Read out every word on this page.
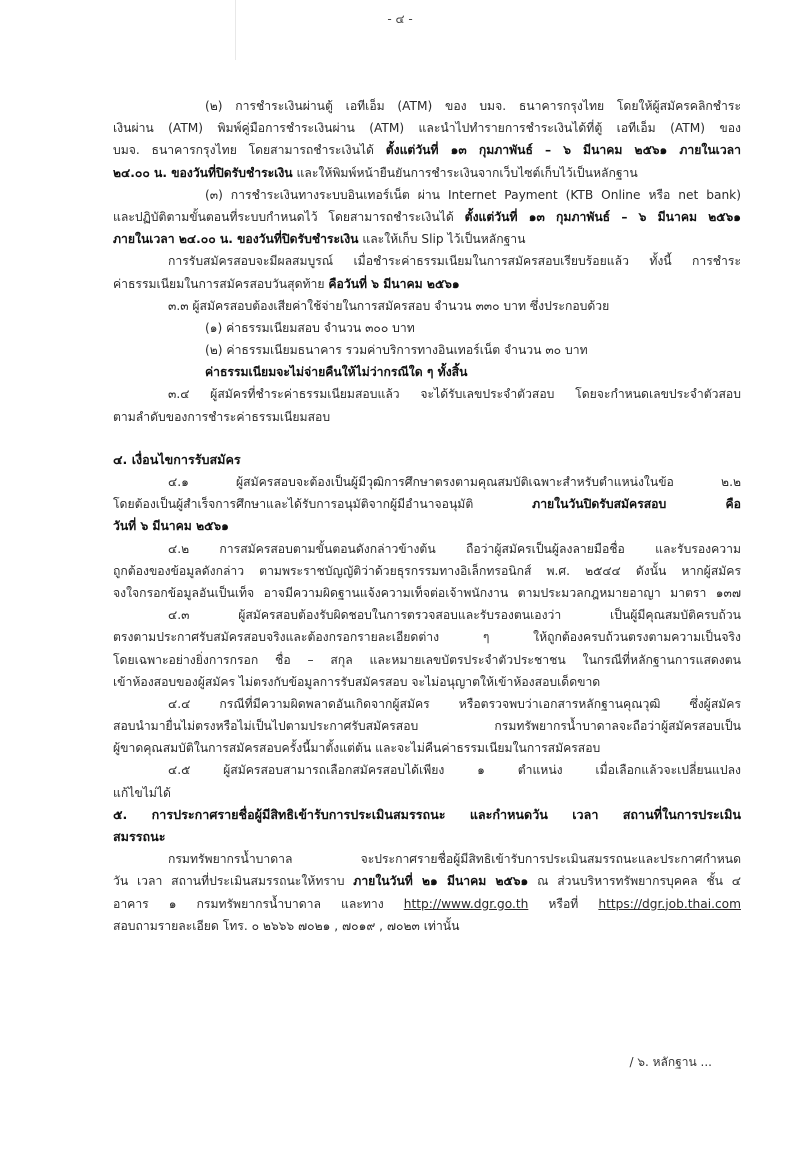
- ๔ -
(๒) การชำระเงินผ่านตู้ เอทีเอ็ม (ATM) ของ บมจ. ธนาคารกรุงไทย โดยให้ผู้สมัครคลิกชำระ
เงินผ่าน (ATM) พิมพ์คู่มือการชำระเงินผ่าน (ATM) และนำไปทำรายการชำระเงินได้ที่ตู้ เอทีเอ็ม (ATM) ของ
บมจ. ธนาคารกรุงไทย โดยสามารถชำระเงินได้ ตั้งแต่วันที่ ๑๓ กุมภาพันธ์ – ๖ มีนาคม ๒๕๖๑ ภายในเวลา
๒๔.๐๐ น. ของวันที่ปิดรับชำระเงิน และให้พิมพ์หน้ายืนยันการชำระเงินจากเว็บไซต์เก็บไว้เป็นหลักฐาน
(๓) การชำระเงินทางระบบอินเทอร์เน็ต ผ่าน Internet Payment (KTB Online หรือ net bank)
และปฏิบัติตามขั้นตอนที่ระบบกำหนดไว้ โดยสามารถชำระเงินได้ ตั้งแต่วันที่ ๑๓ กุมภาพันธ์ – ๖ มีนาคม ๒๕๖๑
ภายในเวลา ๒๔.๐๐ น. ของวันที่ปิดรับชำระเงิน และให้เก็บ Slip ไว้เป็นหลักฐาน
การรับสมัครสอบจะมีผลสมบูรณ์ เมื่อชำระค่าธรรมเนียมในการสมัครสอบเรียบร้อยแล้ว ทั้งนี้ การชำระ
ค่าธรรมเนียมในการสมัครสอบวันสุดท้าย คือวันที่ ๖ มีนาคม ๒๕๖๑
๓.๓ ผู้สมัครสอบต้องเสียค่าใช้จ่ายในการสมัครสอบ จำนวน ๓๓๐ บาท ซึ่งประกอบด้วย
(๑) ค่าธรรมเนียมสอบ จำนวน ๓๐๐ บาท
(๒) ค่าธรรมเนียมธนาคาร รวมค่าบริการทางอินเทอร์เน็ต จำนวน ๓๐ บาท
ค่าธรรมเนียมจะไม่จ่ายคืนให้ไม่ว่ากรณีใด ๆ ทั้งสิ้น
๓.๔ ผู้สมัครที่ชำระค่าธรรมเนียมสอบแล้ว จะได้รับเลขประจำตัวสอบ โดยจะกำหนดเลขประจำตัวสอบ
ตามลำดับของการชำระค่าธรรมเนียมสอบ
๔. เงื่อนไขการรับสมัคร
๔.๑ ผู้สมัครสอบจะต้องเป็นผู้มีวุฒิการศึกษาตรงตามคุณสมบัติเฉพาะสำหรับตำแหน่งในข้อ ๒.๒
โดยต้องเป็นผู้สำเร็จการศึกษาและได้รับการอนุมัติจากผู้มีอำนาจอนุมัติ ภายในวันปิดรับสมัครสอบ คือ
วันที่ ๖ มีนาคม ๒๕๖๑
๔.๒ การสมัครสอบตามขั้นตอนดังกล่าวข้างต้น ถือว่าผู้สมัครเป็นผู้ลงลายมือชื่อ และรับรองความ
ถูกต้องของข้อมูลดังกล่าว ตามพระราชบัญญัติว่าด้วยธุรกรรมทางอิเล็กทรอนิกส์ พ.ศ. ๒๕๔๔ ดังนั้น หากผู้สมัคร
จงใจกรอกข้อมูลอันเป็นเท็จ อาจมีความผิดฐานแจ้งความเท็จต่อเจ้าพนักงาน ตามประมวลกฎหมายอาญา มาตรา ๑๓๗
๔.๓ ผู้สมัครสอบต้องรับผิดชอบในการตรวจสอบและรับรองตนเองว่า เป็นผู้มีคุณสมบัติครบถ้วน
ตรงตามประกาศรับสมัครสอบจริงและต้องกรอกรายละเอียดต่าง ๆ ให้ถูกต้องครบถ้วนตรงตามความเป็นจริง
โดยเฉพาะอย่างยิ่งการกรอก ชื่อ – สกุล และหมายเลขบัตรประจำตัวประชาชน ในกรณีที่หลักฐานการแสดงตน
เข้าห้องสอบของผู้สมัคร ไม่ตรงกับข้อมูลการรับสมัครสอบ จะไม่อนุญาตให้เข้าห้องสอบเด็ดขาด
๔.๔ กรณีที่มีความผิดพลาดอันเกิดจากผู้สมัคร หรือตรวจพบว่าเอกสารหลักฐานคุณวุฒิ ซึ่งผู้สมัคร
สอบนำมายื่นไม่ตรงหรือไม่เป็นไปตามประกาศรับสมัครสอบ กรมทรัพยากรน้ำบาดาลจะถือว่าผู้สมัครสอบเป็น
ผู้ขาดคุณสมบัติในการสมัครสอบครั้งนี้มาตั้งแต่ต้น และจะไม่คืนค่าธรรมเนียมในการสมัครสอบ
๔.๕ ผู้สมัครสอบสามารถเลือกสมัครสอบได้เพียง ๑ ตำแหน่ง เมื่อเลือกแล้วจะเปลี่ยนแปลง
แก้ไขไม่ได้
๕. การประกาศรายชื่อผู้มีสิทธิเข้ารับการประเมินสมรรถนะ และกำหนดวัน เวลา สถานที่ในการประเมิน
สมรรถนะ
กรมทรัพยากรน้ำบาดาล จะประกาศรายชื่อผู้มีสิทธิเข้ารับการประเมินสมรรถนะและประกาศกำหนด
วัน เวลา สถานที่ประเมินสมรรถนะให้ทราบ ภายในวันที่ ๒๑ มีนาคม ๒๕๖๑ ณ ส่วนบริหารทรัพยากรบุคคล ชั้น ๔
อาคาร ๑ กรมทรัพยากรน้ำบาดาล และทาง http://www.dgr.go.th หรือที่ https://dgr.job.thai.com
สอบถามรายละเอียด โทร. ๐ ๒๖๖๖ ๗๐๒๑ , ๗๐๑๙ , ๗๐๒๓ เท่านั้น
/ ๖. หลักฐาน ...
